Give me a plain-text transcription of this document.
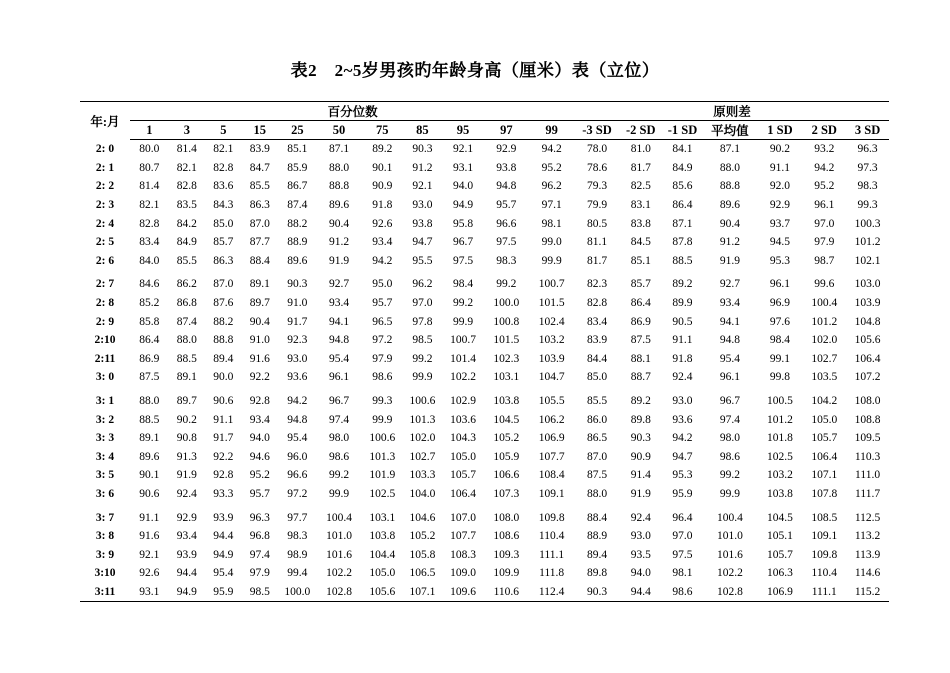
表2　2~5岁男孩旳年龄身高（厘米）表（立位）
年:月	百分位数											原则差						
	1	3	5	15	25	50	75	85	95	97	99	-3 SD	-2 SD	-1 SD	平均值	1 SD	2 SD	3 SD
2: 0	80.0	81.4	82.1	83.9	85.1	87.1	89.2	90.3	92.1	92.9	94.2	78.0	81.0	84.1	87.1	90.2	93.2	96.3
2: 1	80.7	82.1	82.8	84.7	85.9	88.0	90.1	91.2	93.1	93.8	95.2	78.6	81.7	84.9	88.0	91.1	94.2	97.3
2: 2	81.4	82.8	83.6	85.5	86.7	88.8	90.9	92.1	94.0	94.8	96.2	79.3	82.5	85.6	88.8	92.0	95.2	98.3
2: 3	82.1	83.5	84.3	86.3	87.4	89.6	91.8	93.0	94.9	95.7	97.1	79.9	83.1	86.4	89.6	92.9	96.1	99.3
2: 4	82.8	84.2	85.0	87.0	88.2	90.4	92.6	93.8	95.8	96.6	98.1	80.5	83.8	87.1	90.4	93.7	97.0	100.3
2: 5	83.4	84.9	85.7	87.7	88.9	91.2	93.4	94.7	96.7	97.5	99.0	81.1	84.5	87.8	91.2	94.5	97.9	101.2
2: 6	84.0	85.5	86.3	88.4	89.6	91.9	94.2	95.5	97.5	98.3	99.9	81.7	85.1	88.5	91.9	95.3	98.7	102.1
2: 7	84.6	86.2	87.0	89.1	90.3	92.7	95.0	96.2	98.4	99.2	100.7	82.3	85.7	89.2	92.7	96.1	99.6	103.0
2: 8	85.2	86.8	87.6	89.7	91.0	93.4	95.7	97.0	99.2	100.0	101.5	82.8	86.4	89.9	93.4	96.9	100.4	103.9
2: 9	85.8	87.4	88.2	90.4	91.7	94.1	96.5	97.8	99.9	100.8	102.4	83.4	86.9	90.5	94.1	97.6	101.2	104.8
2:10	86.4	88.0	88.8	91.0	92.3	94.8	97.2	98.5	100.7	101.5	103.2	83.9	87.5	91.1	94.8	98.4	102.0	105.6
2:11	86.9	88.5	89.4	91.6	93.0	95.4	97.9	99.2	101.4	102.3	103.9	84.4	88.1	91.8	95.4	99.1	102.7	106.4
3: 0	87.5	89.1	90.0	92.2	93.6	96.1	98.6	99.9	102.2	103.1	104.7	85.0	88.7	92.4	96.1	99.8	103.5	107.2
3: 1	88.0	89.7	90.6	92.8	94.2	96.7	99.3	100.6	102.9	103.8	105.5	85.5	89.2	93.0	96.7	100.5	104.2	108.0
3: 2	88.5	90.2	91.1	93.4	94.8	97.4	99.9	101.3	103.6	104.5	106.2	86.0	89.8	93.6	97.4	101.2	105.0	108.8
3: 3	89.1	90.8	91.7	94.0	95.4	98.0	100.6	102.0	104.3	105.2	106.9	86.5	90.3	94.2	98.0	101.8	105.7	109.5
3: 4	89.6	91.3	92.2	94.6	96.0	98.6	101.3	102.7	105.0	105.9	107.7	87.0	90.9	94.7	98.6	102.5	106.4	110.3
3: 5	90.1	91.9	92.8	95.2	96.6	99.2	101.9	103.3	105.7	106.6	108.4	87.5	91.4	95.3	99.2	103.2	107.1	111.0
3: 6	90.6	92.4	93.3	95.7	97.2	99.9	102.5	104.0	106.4	107.3	109.1	88.0	91.9	95.9	99.9	103.8	107.8	111.7
3: 7	91.1	92.9	93.9	96.3	97.7	100.4	103.1	104.6	107.0	108.0	109.8	88.4	92.4	96.4	100.4	104.5	108.5	112.5
3: 8	91.6	93.4	94.4	96.8	98.3	101.0	103.8	105.2	107.7	108.6	110.4	88.9	93.0	97.0	101.0	105.1	109.1	113.2
3: 9	92.1	93.9	94.9	97.4	98.9	101.6	104.4	105.8	108.3	109.3	111.1	89.4	93.5	97.5	101.6	105.7	109.8	113.9
3:10	92.6	94.4	95.4	97.9	99.4	102.2	105.0	106.5	109.0	109.9	111.8	89.8	94.0	98.1	102.2	106.3	110.4	114.6
3:11	93.1	94.9	95.9	98.5	100.0	102.8	105.6	107.1	109.6	110.6	112.4	90.3	94.4	98.6	102.8	106.9	111.1	115.2
